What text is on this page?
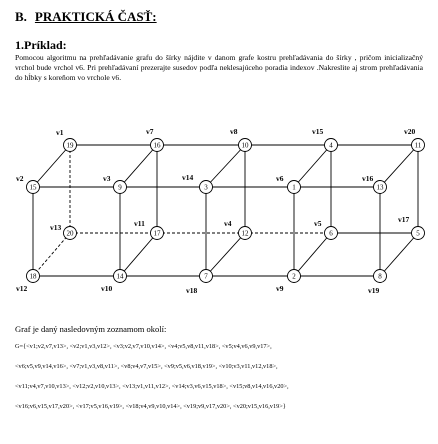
B. PRAKTICKÁ ČASŤ:
1.Príklad:
Pomocou algoritmu na prehľadávanie grafu do šírky nájdite v danom grafe kostru prehľadávania do šírky , pričom inicializačný vrchol bude vrchol v6. Pri prehľadávaní prezerajte susedov podľa neklesajúceho poradia indexov .Nakreslite aj strom prehľadávania do hĺbky s koreňom vo vrchole v6.
19	16	10	4	11
15	9	3	1	13
20	17	12	6	5
18	14	7	2	8
v1	v7	v8	v15	v20
v2	v3	v14	v6	v16
v13	v11	v4	v5	v17
v12	v10	v18	v9	v19
Graf je daný nasledovným zoznamom okolí:
G={<v1;v2,v7,v13>, <v2;v1,v3,v12>, <v3;v2,v7,v10,v14>, <v4;v5,v8,v11,v18>, <v5;v4,v6,v9,v17>,
<v6;v5,v9,v14,v16>, <v7;v1,v3,v8,v11>, <v8;v4,v7,v15>, <v9;v5,v6,v18,v19>, <v10;v3,v11,v12,v18>,
<v11;v4,v7,v10,v13>, <v12;v2,v10,v13>, <v13;v1,v11,v12>, <v14;v3,v6,v15,v18>, <v15;v8,v14,v16,v20>,
<v16;v6,v15,v17,v20>, <v17;v5,v16,v19>, <v18;v4,v9,v10,v14>, <v19;v9,v17,v20>, <v20;v15,v16,v19>}
